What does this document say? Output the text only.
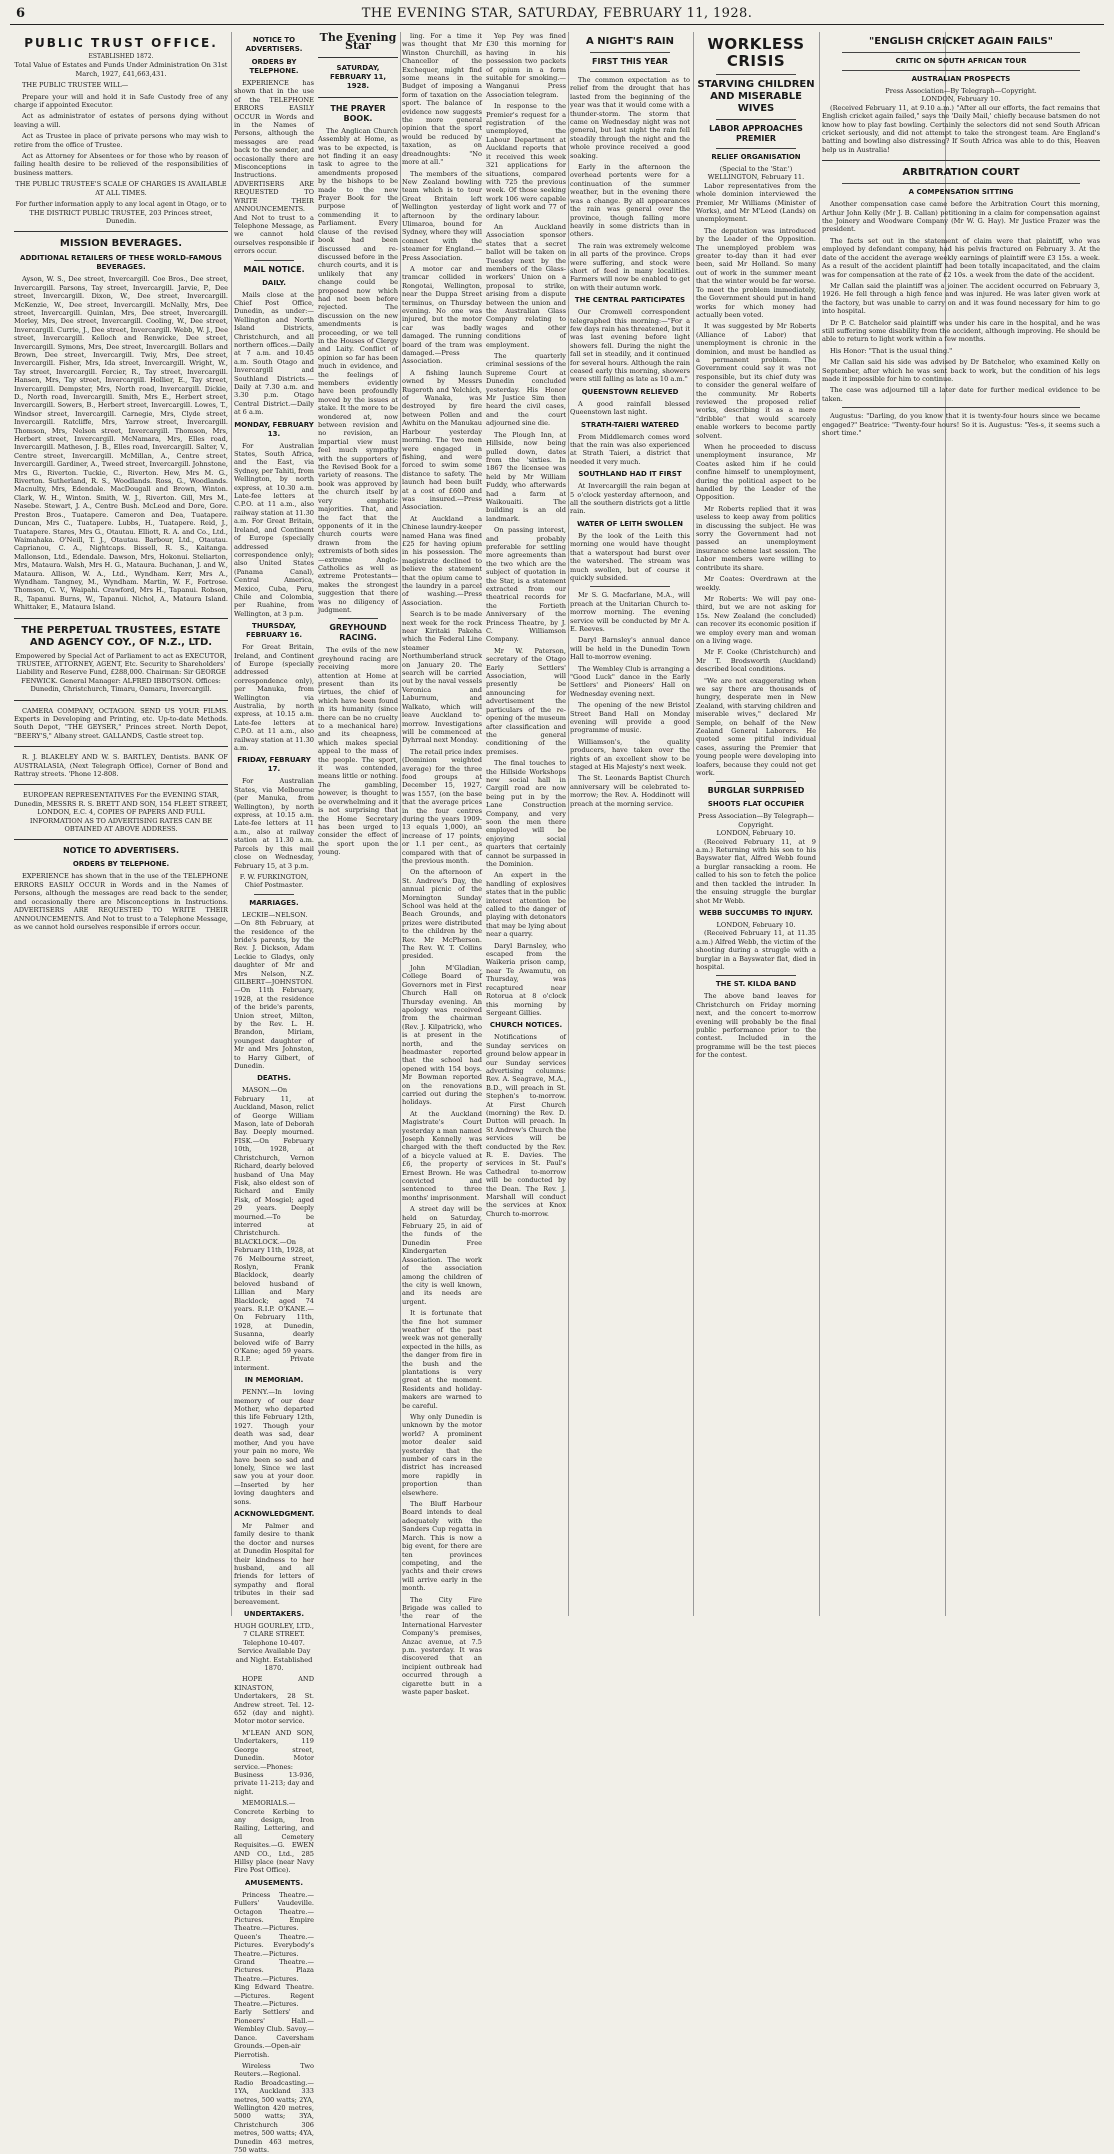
6	THE EVENING STAR, SATURDAY, FEBRUARY 11, 1928.
PUBLIC TRUST OFFICE.
ESTABLISHED 1872.

Total Value of Estates and Funds Under Administration On 31st March, 1927, £41,663,431.

THE PUBLIC TRUSTEE WILL—

Prepare your will and hold it in Safe Custody free of any charge if appointed Executor.

Act as administrator of estates of persons dying without leaving a will.

Act as Trustee in place of private persons who may wish to retire from the office of Trustee.

Act as Attorney for Absentees or for those who by reason of failing health desire to be relieved of the responsibilities of business matters.

THE PUBLIC TRUSTEE'S SCALE OF CHARGES IS AVAILABLE AT ALL TIMES.

For further information apply to any local agent in Otago, or to THE DISTRICT PUBLIC TRUSTEE, 203 Princes street, Dunedin.

MISSION BEVERAGES.
ADDITIONAL RETAILERS OF THESE WORLD-FAMOUS BEVERAGES.

Ayson, W. S., Dee street, Invercargill. Coe Bros., Dee street, Invercargill. Parsons, Tay street, Invercargill. Jarvie, P., Dee street, Invercargill. Dixon, W., Dee street, Invercargill. McKenzie, W., Dee street, Invercargill. McNally, Mrs, Dee street, Invercargill. Quinlan, Mrs, Dee street, Invercargill. Morley, Mrs, Dee street, Invercargill. Cooling, W., Dee street, Invercargill. Currie, J., Dee street, Invercargill. Webb, W. J., Dee street, Invercargill. Kelloch and Renwicke, Dee street, Invercargill. Symons, Mrs, Dee street, Invercargill. Bollars and Brown, Dee street, Invercargill. Twiy, Mrs, Dee street, Invercargill. Fisher, Mrs, Ida street, Invercargill. Wright, W., Tay street, Invercargill. Fercier, R., Tay street, Invercargill. Hansen, Mrs, Tay street, Invercargill. Hollier, E., Tay street, Invercargill. Dempster, Mrs, North road, Invercargill. Dickie, D., North road, Invercargill. Smith, Mrs E., Herbert street, Invercargill. Sowers, B., Herbert street, Invercargill. Lowes, T., Windsor street, Invercargill. Carnegie, Mrs, Clyde street, Invercargill. Ratcliffe, Mrs, Yarrow street, Invercargill. Thomson, Mrs, Nelson street, Invercargill. Thomson, Mrs, Herbert street, Invercargill. McNamara, Mrs, Elles road, Invercargill. Matheson, J. B., Elles road, Invercargill. Salter, V., Centre street, Invercargill. McMillan, A., Centre street, Invercargill. Gardiner, A., Tweed street, Invercargill. Johnstone, Mrs G., Riverton. Tuckie, C., Riverton. Hew, Mrs M. G., Riverton. Sutherland, R. S., Woodlands. Ross, G., Woodlands. Macnulty, Mrs, Edendale. MacDougall and Brown, Winton. Clark, W. H., Winton. Smith, W. J., Riverton. Gill, Mrs M., Nasebe. Stewart, J. A., Centre Bush. McLeod and Dore, Gore. Preston Bros., Tuatapere. Cameron and Dea, Tuatapere. Duncan, Mrs C., Tuatapere. Lubbs, H., Tuatapere. Reid, J., Tuatapere. Stares, Mrs G., Otautau. Elliott, R. A. and Co., Ltd., Waimahaka. O'Neill, T. J., Otautau. Barbour, Ltd., Otautau. Caprianou, C. A., Nightcaps. Bissell, R. S., Kaitanga. Mallonson, Ltd., Edendale. Dawson, Mrs, Hokonui. Steliarton, Mrs, Mataura. Walsh, Mrs H. G., Mataura. Buchanan, J. and W., Mataura. Allison, W. A., Ltd., Wyndham. Kerr, Mrs A., Wyndham. Tangney, M., Wyndham. Martin, W. F., Fortrose. Thomson, C. V., Waipahi. Crawford, Mrs H., Tapanui. Robson, R., Tapanui. Burns, W., Tapanui. Nichol, A., Mataura Island. Whittaker, E., Mataura Island.

THE PERPETUAL TRUSTEES, ESTATE AND AGENCY COY., OF N.Z., LTD.

Empowered by Special Act of Parliament to act as EXECUTOR, TRUSTEE, ATTORNEY, AGENT, Etc. Security to Shareholders' Liability and Reserve Fund, £288,000. Chairman: Sir GEORGE FENWICK. General Manager: ALFRED IBBOTSON. Offices: Dunedin, Christchurch, Timaru, Oamaru, Invercargill.

CAMERA COMPANY, OCTAGON. SEND US YOUR FILMS. Experts in Developing and Printing, etc. Up-to-date Methods. South Depot, "THE GEYSER," Princes street. North Depot, "BEERY'S," Albany street. GALLANDS, Castle street top.

R. J. BLAKELEY AND W. S. BARTLEY, Dentists. BANK OF AUSTRALASIA, (Next Telegraph Office), Corner of Bond and Rattray streets. 'Phone 12-808.

EUROPEAN REPRESENTATIVES For the EVENING STAR, Dunedin, MESSRS R. S. BRETT AND SON, 154 FLEET STREET, LONDON, E.C. 4, COPIES OF PAPERS AND FULL INFORMATION AS TO ADVERTISING RATES CAN BE OBTAINED AT ABOVE ADDRESS.

NOTICE TO ADVERTISERS.
ORDERS BY TELEPHONE.

EXPERIENCE has shown that in the use of the TELEPHONE ERRORS EASILY OCCUR in Words and in the Names of Persons, although the messages are read back to the sender, and occasionally there are Misconceptions in Instructions. ADVERTISERS ARE REQUESTED TO WRITE THEIR ANNOUNCEMENTS. And Not to trust to a Telephone Message, as we cannot hold ourselves responsible if errors occur.

NOTICE TO ADVERTISERS.
ORDERS BY TELEPHONE.

EXPERIENCE has shown that in the use of the TELEPHONE ERRORS EASILY OCCUR in Words and in the Names of Persons, although the messages are read back to the sender, and occasionally there are Misconceptions in Instructions. ADVERTISERS ARE REQUESTED TO WRITE THEIR ANNOUNCEMENTS. And Not to trust to a Telephone Message, as we cannot hold ourselves responsible if errors occur.

MAIL NOTICE.
DAILY.

Mails close at the Chief Post Office, Dunedin, as under:— Wellington and North Island Districts, Christchurch, and all northern offices.—Daily at 7 a.m. and 10.45 a.m. South Otago and Invercargill and Southland Districts.—Daily at 7.30 a.m. and 3.30 p.m. Otago Central District.—Daily at 6 a.m.

MONDAY, FEBRUARY 13.

For Australian States, South Africa, and the East, via Sydney, per Tahiti, from Wellington, by north express, at 10.30 a.m. Late-fee letters at C.P.O. at 11 a.m., also railway station at 11.30 a.m. For Great Britain, Ireland, and Continent of Europe (specially addressed correspondence only); also United States (Panama Canal), Central America, Mexico, Cuba, Peru, Chile and Colombia, per Ruahine, from Wellington, at 3 p.m.

THURSDAY, FEBRUARY 16.

For Great Britain, Ireland, and Continent of Europe (specially addressed correspondence only), per Manuka, from Wellington via Australia, by north express, at 10.15 a.m. Late-fee letters at C.P.O. at 11 a.m., also railway station at 11.30 a.m.

FRIDAY, FEBRUARY 17.

For Australian States, via Melbourne (per Manuka, from Wellington), by north express, at 10.15 a.m. Late-fee letters at 11 a.m., also at railway station at 11.30 a.m. Parcels by this mail close on Wednesday, February 15, at 3 p.m.

F. W. FURKINGTON, Chief Postmaster.

MARRIAGES.

LECKIE—NELSON.—On 8th February, at the residence of the bride's parents, by the Rev. J. Dickson, Adam Leckie to Gladys, only daughter of Mr and Mrs Nelson, N.Z. GILBERT—JOHNSTON.—On 11th February, 1928, at the residence of the bride's parents, Union street, Milton, by the Rev. L. H. Brandon, Miriam, youngest daughter of Mr and Mrs Johnston, to Harry Gilbert, of Dunedin.

DEATHS.

MASON.—On February 11, at Auckland, Mason, relict of George William Mason, late of Deborah Bay. Deeply mourned. FISK.—On February 10th, 1928, at Christchurch, Vernon Richard, dearly beloved husband of Una May Fisk, also eldest son of Richard and Emily Fisk, of Mosgiel; aged 29 years. Deeply mourned.—To be interred at Christchurch. BLACKLOCK.—On February 11th, 1928, at 76 Melbourne street, Roslyn, Frank Blacklock, dearly beloved husband of Lillian and Mary Blacklock; aged 74 years. R.I.P. O'KANE.—On February 11th, 1928, at Dunedin, Susanna, dearly beloved wife of Barry O'Kane; aged 59 years. R.I.P. Private interment.

IN MEMORIAM.

PENNY.—In loving memory of our dear Mother, who departed this life February 12th, 1927. Though your death was sad, dear mother, And you have your pain no more, We have been so sad and lonely, Since we last saw you at your door. —Inserted by her loving daughters and sons.

ACKNOWLEDGMENT.

Mr Palmer and family desire to thank the doctor and nurses at Dunedin Hospital for their kindness to her husband, and all friends for letters of sympathy and floral tributes in their sad bereavement.

UNDERTAKERS.

HUGH GOURLEY, LTD., 7 CLARE STREET. Telephone 10-407. Service Available Day and Night. Established 1870.

HOPE AND KINASTON, Undertakers, 28 St. Andrew street. Tel. 12-652 (day and night). Motor motor service.

M'LEAN AND SON, Undertakers, 119 George street, Dunedin. Motor service.—Phones: Business 13-936, private 11-213; day and night.

MEMORIALS.—Concrete Kerbing to any design, Iron Railing, Lettering, and all Cemetery Requisites.—G. EWEN AND CO., Ltd., 285 Hillsy place (near Navy Fire Post Office).

AMUSEMENTS.

Princess Theatre.—Fullers' Vaudeville. Octagon Theatre.—Pictures. Empire Theatre.—Pictures. Queen's Theatre.—Pictures. Everybody's Theatre.—Pictures. Grand Theatre.—Pictures. Plaza Theatre.—Pictures. King Edward Theatre.—Pictures. Regent Theatre.—Pictures. Early Settlers' and Pioneers' Hall.—Wembley Club. Savoy.—Dance. Caversham Grounds.—Open-air Pierrotish.

Wireless Two Reuters.—Regional. Radio Broadcasting.—1YA, Auckland 333 metres, 500 watts; 2YA, Wellington 420 metres, 5000 watts; 3YA, Christchurch 306 metres, 500 watts; 4YA, Dunedin 463 metres, 750 watts.

The Evening Star
SATURDAY, FEBRUARY 11, 1928.
THE PRAYER BOOK.

The Anglican Church Assembly at Home, as was to be expected, is not finding it an easy task to agree to the amendments proposed by the bishops to be made to the new Prayer Book for the purpose of commending it to Parliament. Every clause of the revised book had been discussed and re-discussed before in the church courts, and it is unlikely that any change could be proposed now which had not been before rejected. The discussion on the new amendments is proceeding, or we tell in the Houses of Clergy and Laity. Conflict of opinion so far has been much in evidence, and the feelings of members evidently have been profoundly moved by the issues at stake. It the more to be wondered at, now between revision and no revision, an impartial view must feel much sympathy with the supporters of the Revised Book for a variety of reasons. The book was approved by the church itself by very emphatic majorities. That, and the fact that the opponents of it in the church courts were drawn from the extremists of both sides—extreme Anglo-Catholics as well as extreme Protestants—makes the strongest suggestion that there was no diligency of judgment.

GREYHOUND RACING.

The evils of the new greyhound racing are receiving more attention at Home at present than its virtues, the chief of which have been found in its humanity (since there can be no cruelty to a mechanical hare) and its cheapness, which makes special appeal to the mass of the people. The sport, it was contended, means little or nothing. The gambling, however, is thought to be overwhelming and it is not surprising that the Home Secretary has been urged to consider the effect of the sport upon the young.

ling. For a time it was thought that Mr Winston Churchill, as Chancellor of the Exchequer, might find some means in the Budget of imposing a form of taxation on the sport. The balance of evidence now suggests the more general opinion that the sport would be reduced by taxation, as on dreadnoughts: "No more at all."

The members of the New Zealand bowling team which is to tour Great Britain left Wellington yesterday afternoon by the Ulimaroa, bound for Sydney, where they will connect with the steamer for England.—Press Association.

A motor car and tramcar collided in Rongotai, Wellington, near the Duppa Street terminus, on Thursday evening. No one was injured, but the motor car was badly damaged. The running board of the tram was damaged.—Press Association.

A fishing launch owned by Messrs Rugeroth and Yelchich, of Wanaka, was destroyed by fire between Pollen and Awhitu on the Manukau Harbour yesterday morning. The two men were engaged in fishing, and were forced to swim some distance to safety. The launch had been built at a cost of £600 and was insured.—Press Association.

At Auckland a Chinese laundry-keeper named Hana was fined £25 for having opium in his possession. The magistrate declined to believe the statement that the opium came to the laundry in a parcel of washing.—Press Association.

Search is to be made next week for the rock near Kiritaki Pakeha which the Federal Line steamer Northumberland struck on January 20. The search will be carried out by the naval vessels Veronica and Laburnum, and Walkato, which will leave Auckland to-morrow. Investigations will be commenced at Dyhrraal next Monday.

The retail price index (Dominion weighted average) for the three food groups at December 15, 1927, was 1557, (on the base that the average prices in the four centres during the years 1909-13 equals 1,000), an increase of 17 points, or 1.1 per cent., as compared with that of the previous month.

On the afternoon of St. Andrew's Day, the annual picnic of the Mornington Sunday School was held at the Beach Grounds, and prizes were distributed to the children by the Rev. Mr McPherson. The Rev. W. T. Collins presided.

John M'Gladian, College Board of Governors met in First Church Hall on Thursday evening. An apology was received from the chairman (Rev. J. Kilpatrick), who is at present in the north, and the headmaster reported that the school had opened with 154 boys. Mr Bowman reported on the renovations carried out during the holidays.

At the Auckland Magistrate's Court yesterday a man named Joseph Kennelly was charged with the theft of a bicycle valued at £6, the property of Ernest Brown. He was convicted and sentenced to three months' imprisonment.

A street day will be held on Saturday, February 25, in aid of the funds of the Dunedin Free Kindergarten Association. The work of the association among the children of the city is well known, and its needs are urgent.

It is fortunate that the fine hot summer weather of the past week was not generally expected in the hills, as the danger from fire in the bush and the plantations is very great at the moment. Residents and holiday-makers are warned to be careful.

Why only Dunedin is unknown by the motor world? A prominent motor dealer said yesterday that the number of cars in the district has increased more rapidly in proportion than elsewhere.

The Bluff Harbour Board intends to deal adequately with the Sanders Cup regatta in March. This is now a big event, for there are ten provinces competing, and the yachts and their crews will arrive early in the month.

The City Fire Brigade was called to the rear of the International Harvester Company's premises, Anzac avenue, at 7.5 p.m. yesterday. It was discovered that an incipient outbreak had occurred through a cigarette butt in a waste paper basket.

Yep Pey was fined £30 this morning for having in his possession two packets of opium in a form suitable for smoking.—Wanganui Press Association telegram.

In response to the Premier's request for a registration of the unemployed, the Labour Department at Auckland reports that it received this week 321 applications for situations, compared with 725 the previous week. Of those seeking work 106 were capable of light work and 77 of ordinary labour.

An Auckland Association sponsor states that a secret ballot will be taken on Tuesday next by the members of the Glass-workers' Union on a proposal to strike, arising from a dispute between the union and the Australian Glass Company relating to wages and other conditions of employment.

The quarterly criminal sessions of the Supreme Court at Dunedin concluded yesterday. His Honor Mr Justice Sim then heard the civil cases, and the court adjourned sine die.

The Plough Inn, at Hillside, now being pulled down, dates from the 'sixties. In 1867 the licensee was held by Mr William Fuddy, who afterwards had a farm at Waikouaiti. The building is an old landmark.

On passing interest, and probably preferable for settling more agreements than the two which are the subject of quotation in the Star, is a statement extracted from our theatrical records for the Fortieth Anniversary of the Princess Theatre, by J. C. Williamson Company.

Mr W. Paterson, secretary of the Otago Early Settlers' Association, will presently be announcing for advertisement the particulars of the re-opening of the museum after classification and the general conditioning of the premises.

The final touches to the Hillside Workshops new social hall in Cargill road are now being put in by the Lane Construction Company, and very soon the men there employed will be enjoying social quarters that certainly cannot be surpassed in the Dominion.

An expert in the handling of explosives states that in the public interest attention be called to the danger of playing with detonators that may be lying about near a quarry.

Daryl Barnsley, who escaped from the Waikeria prison camp, near Te Awamutu, on Thursday, was recaptured near Rotorua at 8 o'clock this morning by Sergeant Gillies.

CHURCH NOTICES.

Notifications of Sunday services on ground below appear in our Sunday services advertising columns: Rev. A. Seagrave, M.A., B.D., will preach in St. Stephen's to-morrow. At First Church (morning) the Rev. D. Dutton will preach. In St Andrew's Church the services will be conducted by the Rev. R. E. Davies. The services in St. Paul's Cathedral to-morrow will be conducted by the Dean. The Rev. J. Marshall will conduct the services at Knox Church to-morrow.

A NIGHT'S RAIN
FIRST THIS YEAR

The common expectation as to relief from the drought that has lasted from the beginning of the year was that it would come with a thunder-storm. The storm that came on Wednesday night was not general, but last night the rain fell steadily through the night and the whole province received a good soaking.

Early in the afternoon the overhead portents were for a continuation of the summer weather, but in the evening there was a change. By all appearances the rain was general over the province, though falling more heavily in some districts than in others.

The rain was extremely welcome in all parts of the province. Crops were suffering, and stock were short of feed in many localities. Farmers will now be enabled to get on with their autumn work.

THE CENTRAL PARTICIPATES

Our Cromwell correspondent telegraphed this morning:—"For a few days rain has threatened, but it was last evening before light showers fell. During the night the fall set in steadily, and it continued for several hours. Although the rain ceased early this morning, showers were still falling as late as 10 a.m."

QUEENSTOWN RELIEVED

A good rainfall blessed Queenstown last night.

STRATH-TAIERI WATERED

From Middlemarch comes word that the rain was also experienced at Strath Taieri, a district that needed it very much.

SOUTHLAND HAD IT FIRST

At Invercargill the rain began at 5 o'clock yesterday afternoon, and all the southern districts got a little rain.

WATER OF LEITH SWOLLEN

By the look of the Leith this morning one would have thought that a waterspout had burst over the watershed. The stream was much swollen, but of course it quickly subsided.

Mr S. G. Macfarlane, M.A., will preach at the Unitarian Church to-morrow morning. The evening service will be conducted by Mr A. E. Reeves.

Daryl Barnsley's annual dance will be held in the Dunedin Town Hall to-morrow evening.

The Wembley Club is arranging a "Good Luck" dance in the Early Settlers' and Pioneers' Hall on Wednesday evening next.

The opening of the new Bristol Street Band Hall on Monday evening will provide a good programme of music.

Williamson's, the quality producers, have taken over the rights of an excellent show to be staged at His Majesty's next week.

The St. Leonards Baptist Church anniversary will be celebrated to-morrow; the Rev. A. Hoddinott will preach at the morning service.

WORKLESS CRISIS
STARVING CHILDREN AND MISERABLE WIVES
LABOR APPROACHES PREMIER
RELIEF ORGANISATION
(Special to the 'Star.')
WELLINGTON, February 11.

Labor representatives from the whole dominion interviewed the Premier, Mr Williams (Minister of Works), and Mr M'Leod (Lands) on unemployment.

The deputation was introduced by the Leader of the Opposition. The unemployed problem was greater to-day than it had ever been, said Mr Holland. So many out of work in the summer meant that the winter would be far worse. To meet the problem immediately, the Government should put in hand works for which money had actually been voted.

It was suggested by Mr Roberts (Alliance of Labor) that unemployment is chronic in the dominion, and must be handled as a permanent problem. The Government could say it was not responsible, but its chief duty was to consider the general welfare of the community. Mr Roberts reviewed the proposed relief works, describing it as a mere "dribble" that would scarcely enable workers to become partly solvent.

When he proceeded to discuss unemployment insurance, Mr Coates asked him if he could confine himself to unemployment, during the political aspect to be handled by the Leader of the Opposition.

Mr Roberts replied that it was useless to keep away from politics in discussing the subject. He was sorry the Government had not passed an unemployment insurance scheme last session. The Labor members were willing to contribute its share.

Mr Coates: Overdrawn at the weekly.

Mr Roberts: We will pay one-third, but we are not asking for 15s. New Zealand (he concluded) can recover its economic position if we employ every man and woman on a living wage.

Mr F. Cooke (Christchurch) and Mr T. Brodsworth (Auckland) described local conditions.

"We are not exaggerating when we say there are thousands of hungry, desperate men in New Zealand, with starving children and miserable wives," declared Mr Semple, on behalf of the New Zealand General Laborers. He quoted some pitiful individual cases, assuring the Premier that young people were developing into loafers, because they could not get work.

BURGLAR SURPRISED
SHOOTS FLAT OCCUPIER
Press Association—By Telegraph—Copyright.
LONDON, February 10.

(Received February 11, at 9 a.m.) Returning with his son to his Bayswater flat, Alfred Webb found a burglar ransacking a room. He called to his son to fetch the police and then tackled the intruder. In the ensuing struggle the burglar shot Mr Webb.

WEBB SUCCUMBS TO INJURY.
LONDON, February 10.

(Received February 11, at 11.35 a.m.) Alfred Webb, the victim of the shooting during a struggle with a burglar in a Bayswater flat, died in hospital.

THE ST. KILDA BAND

The above band leaves for Christchurch on Friday morning next, and the concert to-morrow evening will probably be the final public performance prior to the contest. Included in the programme will be the test pieces for the contest.

"ENGLISH CRICKET AGAIN FAILS"
CRITIC ON SOUTH AFRICAN TOUR
AUSTRALIAN PROSPECTS
Press Association—By Telegraph—Copyright.
LONDON, February 10.

(Received February 11, at 9.10 a.m.) "After all our efforts, the fact remains that English cricket again failed," says the 'Daily Mail,' chiefly because batsmen do not know how to play fast bowling. Certainly the selectors did not send South African cricket seriously, and did not attempt to take the strongest team. Are England's batting and bowling also distressing? If South Africa was able to do this, Heaven help us in Australia!

ARBITRATION COURT
A COMPENSATION SITTING

Another compensation case came before the Arbitration Court this morning, Arthur John Kelly (Mr J. B. Callan) petitioning in a claim for compensation against the Joinery and Woodware Company (Mr W. G. Hay). Mr Justice Frazer was the president.

The facts set out in the statement of claim were that plaintiff, who was employed by defendant company, had his pelvis fractured on February 3. At the date of the accident the average weekly earnings of plaintiff were £3 15s. a week. As a result of the accident plaintiff had been totally incapacitated, and the claim was for compensation at the rate of £2 10s. a week from the date of the accident.

Mr Callan said the plaintiff was a joiner. The accident occurred on February 3, 1926. He fell through a high fence and was injured. He was later given work at the factory, but was unable to carry on and it was found necessary for him to go into hospital.

Dr P. C. Batchelor said plaintiff was under his care in the hospital, and he was still suffering some disability from the accident, although improving. He should be able to return to light work within a few months.

His Honor: "That is the usual thing."

Mr Callan said his side was advised by Dr Batchelor, who examined Kelly on September, after which he was sent back to work, but the condition of his legs made it impossible for him to continue.

The case was adjourned till a later date for further medical evidence to be taken.

Augustus: "Darling, do you know that it is twenty-four hours since we became engaged?" Beatrice: "Twenty-four hours! So it is. Augustus: "Yes-s, it seems such a short time."
